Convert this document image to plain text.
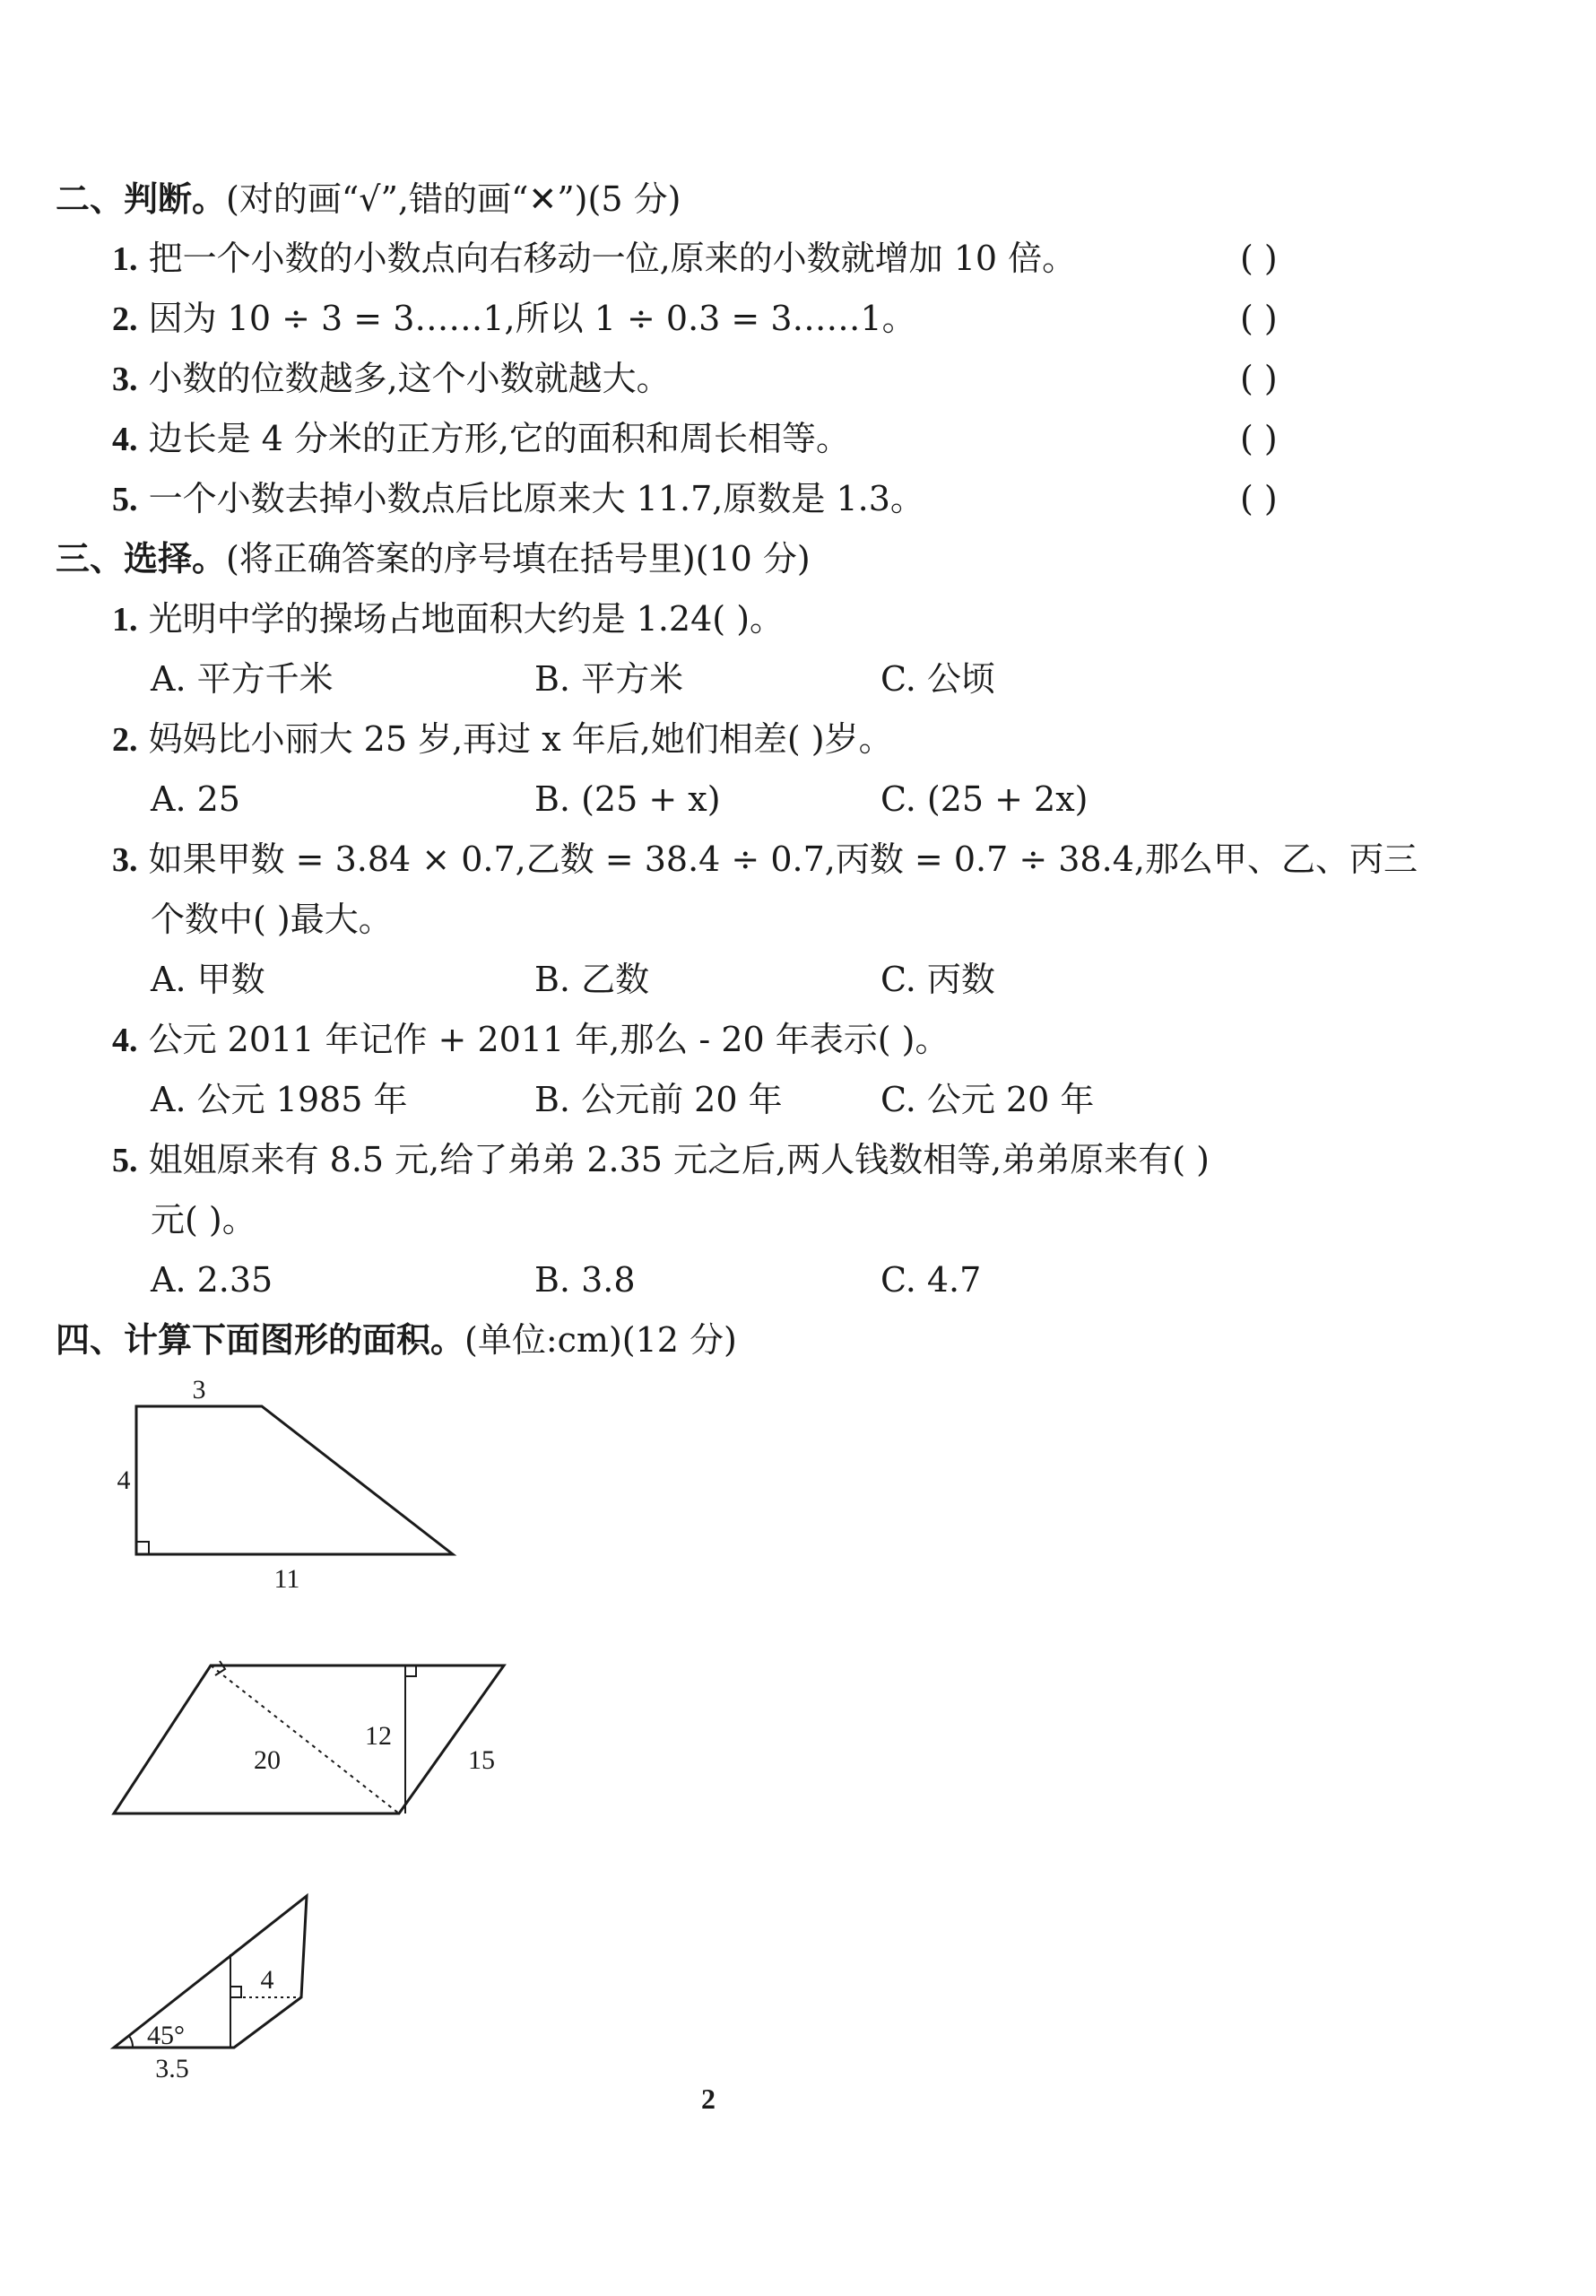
二、判断。(对的画“√”,错的画“✕”)(5 分)
1. 把一个小数的小数点向右移动一位,原来的小数就增加 10 倍。	( )
2. 因为 10 ÷ 3 = 3……1,所以 1 ÷ 0.3 = 3……1。	( )
3. 小数的位数越多,这个小数就越大。	( )
4. 边长是 4 分米的正方形,它的面积和周长相等。	( )
5. 一个小数去掉小数点后比原来大 11.7,原数是 1.3。	( )
三、选择。(将正确答案的序号填在括号里)(10 分)
1. 光明中学的操场占地面积大约是 1.24( )。
A. 平方千米	B. 平方米	C. 公顷
2. 妈妈比小丽大 25 岁,再过 x 年后,她们相差( )岁。
A. 25	B. (25 + x)	C. (25 + 2x)
3. 如果甲数 = 3.84 × 0.7,乙数 = 38.4 ÷ 0.7,丙数 = 0.7 ÷ 38.4,那么甲、乙、丙三
个数中( )最大。
A. 甲数	B. 乙数	C. 丙数
4. 公元 2011 年记作 + 2011 年,那么 - 20 年表示( )。
A. 公元 1985 年	B. 公元前 20 年	C. 公元 20 年
5. 姐姐原来有 8.5 元,给了弟弟 2.35 元之后,两人钱数相等,弟弟原来有( )
元( )。
A. 2.35	B. 3.8	C. 4.7
四、计算下面图形的面积。(单位:cm)(12 分)
3
4
11
20
12
15
4
45°
3.5
2
